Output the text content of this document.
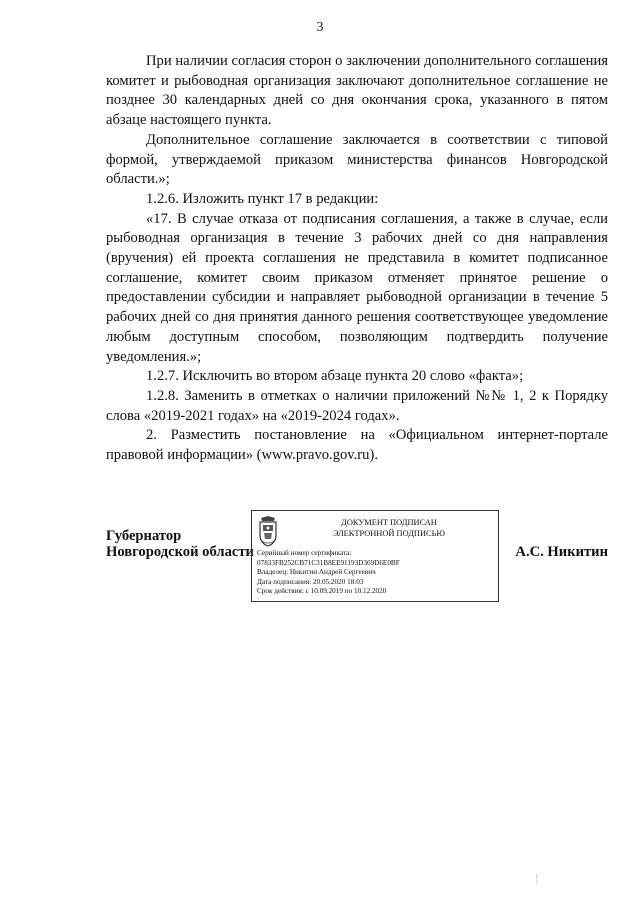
3

При наличии согласия сторон о заключении дополнительного соглашения комитет и рыбоводная организация заключают дополнительное соглашение не позднее 30 календарных дней со дня окончания срока, указанного в пятом абзаце настоящего пункта.

Дополнительное соглашение заключается в соответствии с типовой формой, утверждаемой приказом министерства финансов Новгородской области.»;

1.2.6. Изложить пункт 17 в редакции:

«17. В случае отказа от подписания соглашения, а также в случае, если рыбоводная организация в течение 3 рабочих дней со дня направления (вручения) ей проекта соглашения не представила в комитет подписанное соглашение, комитет своим приказом отменяет принятое решение о предоставлении субсидии и направляет рыбоводной организации в течение 5 рабочих дней со дня принятия данного решения соответствующее уведомление любым доступным способом, позволяющим подтвердить получение уведомления.»;

1.2.7. Исключить во втором абзаце пункта 20 слово «факта»;

1.2.8. Заменить в отметках о наличии приложений №№ 1, 2 к Порядку слова «2019-2021 годах» на «2019-2024 годах».

2. Разместить постановление на «Официальном интернет-портале правовой информации» (www.pravo.gov.ru).

Губернатор
Новгородской области
ДОКУМЕНТ ПОДПИСАН
ЭЛЕКТРОННОЙ ПОДПИСЬЮ
Серийный номер сертификата:
07833FB252CB71C31B8EE91193D369D6E0BF
Владелец: Никитин Андрей Сергеевич
Дата подписания: 20.05.2020 18:03
Срок действия: с 10.09.2019 по 10.12.2020
А.С. Никитин
